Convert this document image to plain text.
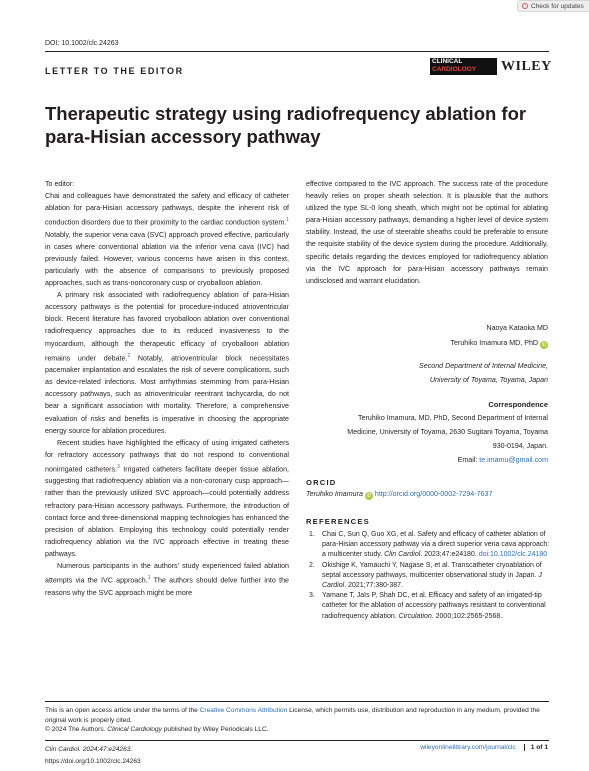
Check for updates
DOI: 10.1002/clc.24263
LETTER TO THE EDITOR
CLINICAL
CARDIOLOGY	WILEY
Therapeutic strategy using radiofrequency ablation for para-Hisian accessory pathway

To editor:

Chai and colleagues have demonstrated the safety and efficacy of catheter ablation for para-Hisian accessory pathways, despite the inherent risk of conduction disorders due to their proximity to the cardiac conduction system.$^1$ Notably, the superior vena cava (SVC) approach proved effective, particularly in cases where conventional ablation via the inferior vena cava (IVC) had previously failed. However, various concerns have arisen in this context, particularly with the absence of comparisons to previously proposed approaches, such as trans-noncoronary cusp or cryoballoon ablation.

A primary risk associated with radiofrequency ablation of para-Hisian accessory pathways is the potential for procedure-induced atrioventricular block. Recent literature has favored cryoballoon ablation over conventional radiofrequency approaches due to its reduced invasiveness to the myocardium, although the therapeutic efficacy of cryoballoon ablation remains under debate.$^2$ Notably, atrioventricular block necessitates pacemaker implantation and escalates the risk of severe complications, such as device-related infections. Most arrhythmias stemming from para-Hisian accessory pathways, such as atrioventricular reentrant tachycardia, do not bear a significant association with mortality. Therefore, a comprehensive evaluation of risks and benefits is imperative in choosing the appropriate energy source for ablation procedures.

Recent studies have highlighted the efficacy of using irrigated catheters for refractory accessory pathways that do not respond to conventional nonirrigated catheters.$^3$ Irrigated catheters facilitate deeper tissue ablation, suggesting that radiofrequency ablation via a non-coronary cusp approach—rather than the previously utilized SVC approach—could potentially address refractory para-Hisian accessory pathways. Furthermore, the introduction of contact force and three-dimensional mapping technologies has enhanced the precision of ablation. Employing this technology could potentially render radiofrequency ablation via the IVC approach effective in treating these pathways.

Numerous participants in the authors' study experienced failed ablation attempts via the IVC approach.$^1$ The authors should delve further into the reasons why the SVC approach might be more

effective compared to the IVC approach. The success rate of the procedure heavily relies on proper sheath selection. It is plausible that the authors utilized the type SL-0 long sheath, which might not be optimal for ablating para-Hisian accessory pathways, demanding a higher level of device system stability. Instead, the use of steerable sheaths could be preferable to ensure the requisite stability of the device system during the procedure. Additionally, specific details regarding the devices employed for radiofrequency ablation via the IVC approach for para-Hisian accessory pathways remain undisclosed and warrant elucidation.

Naoya Kataoka MD
Teruhiko Imamura MD, PhD iD
Second Department of Internal Medicine,
University of Toyama, Toyama, Japan
Correspondence
Teruhiko Imamura, MD, PhD, Second Department of Internal
Medicine, University of Toyama, 2630 Sugitani Toyama, Toyama
930-0194, Japan.
Email: te.imamu@gmail.com
ORCID
Teruhiko Imamura iD http://orcid.org/0000-0002-7294-7637
REFERENCES
1. Chai C, Sun Q, Guo XG, et al. Safety and efficacy of catheter ablation of para-Hisian accessory pathway via a direct superior vena cava approach: a multicenter study. Clin Cardiol. 2023;47:e24180. doi:10.1002/clc.24180
2. Okishige K, Yamauchi Y, Nagase S, et al. Transcatheter cryoablation of septal accessory pathways, multicenter observational study in Japan. J Cardiol. 2021;77:380-387.
3. Yamane T, Jaïs P, Shah DC, et al. Efficacy and safety of an irrigated-tip catheter for the ablation of accessory pathways resistant to conventional radiofrequency ablation. Circulation. 2000;102:2565-2568.
This is an open access article under the terms of the Creative Commons Attribution License, which permits use, distribution and reproduction in any medium, provided the original work is properly cited.
© 2024 The Authors. Clinical Cardiology published by Wiley Periodicals LLC.
Clin Cardiol. 2024;47:e24263.
https://doi.org/10.1002/clc.24263
wileyonlinelibrary.com/journal/clc 1 of 1
